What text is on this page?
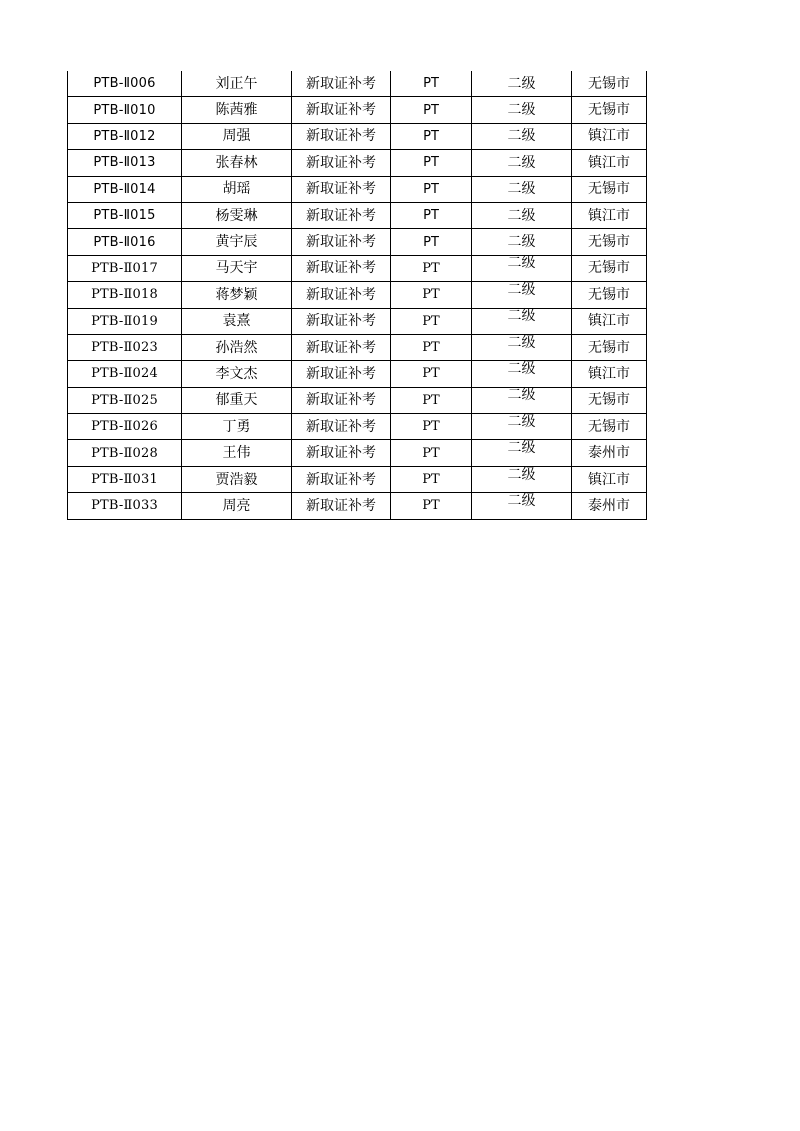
PTB-Ⅱ006	刘正午	新取证补考	PT	二级	无锡市
PTB-Ⅱ010	陈茜雅	新取证补考	PT	二级	无锡市
PTB-Ⅱ012	周强	新取证补考	PT	二级	镇江市
PTB-Ⅱ013	张春林	新取证补考	PT	二级	镇江市
PTB-Ⅱ014	胡瑶	新取证补考	PT	二级	无锡市
PTB-Ⅱ015	杨雯琳	新取证补考	PT	二级	镇江市
PTB-Ⅱ016	黄宇辰	新取证补考	PT	二级	无锡市
PTB-Ⅱ017	马天宇	新取证补考	PT	二级	无锡市
PTB-Ⅱ018	蒋梦颖	新取证补考	PT	二级	无锡市
PTB-Ⅱ019	袁熹	新取证补考	PT	二级	镇江市
PTB-Ⅱ023	孙浩然	新取证补考	PT	二级	无锡市
PTB-Ⅱ024	李文杰	新取证补考	PT	二级	镇江市
PTB-Ⅱ025	郁重天	新取证补考	PT	二级	无锡市
PTB-Ⅱ026	丁勇	新取证补考	PT	二级	无锡市
PTB-Ⅱ028	王伟	新取证补考	PT	二级	泰州市
PTB-Ⅱ031	贾浩毅	新取证补考	PT	二级	镇江市
PTB-Ⅱ033	周亮	新取证补考	PT	二级	泰州市
